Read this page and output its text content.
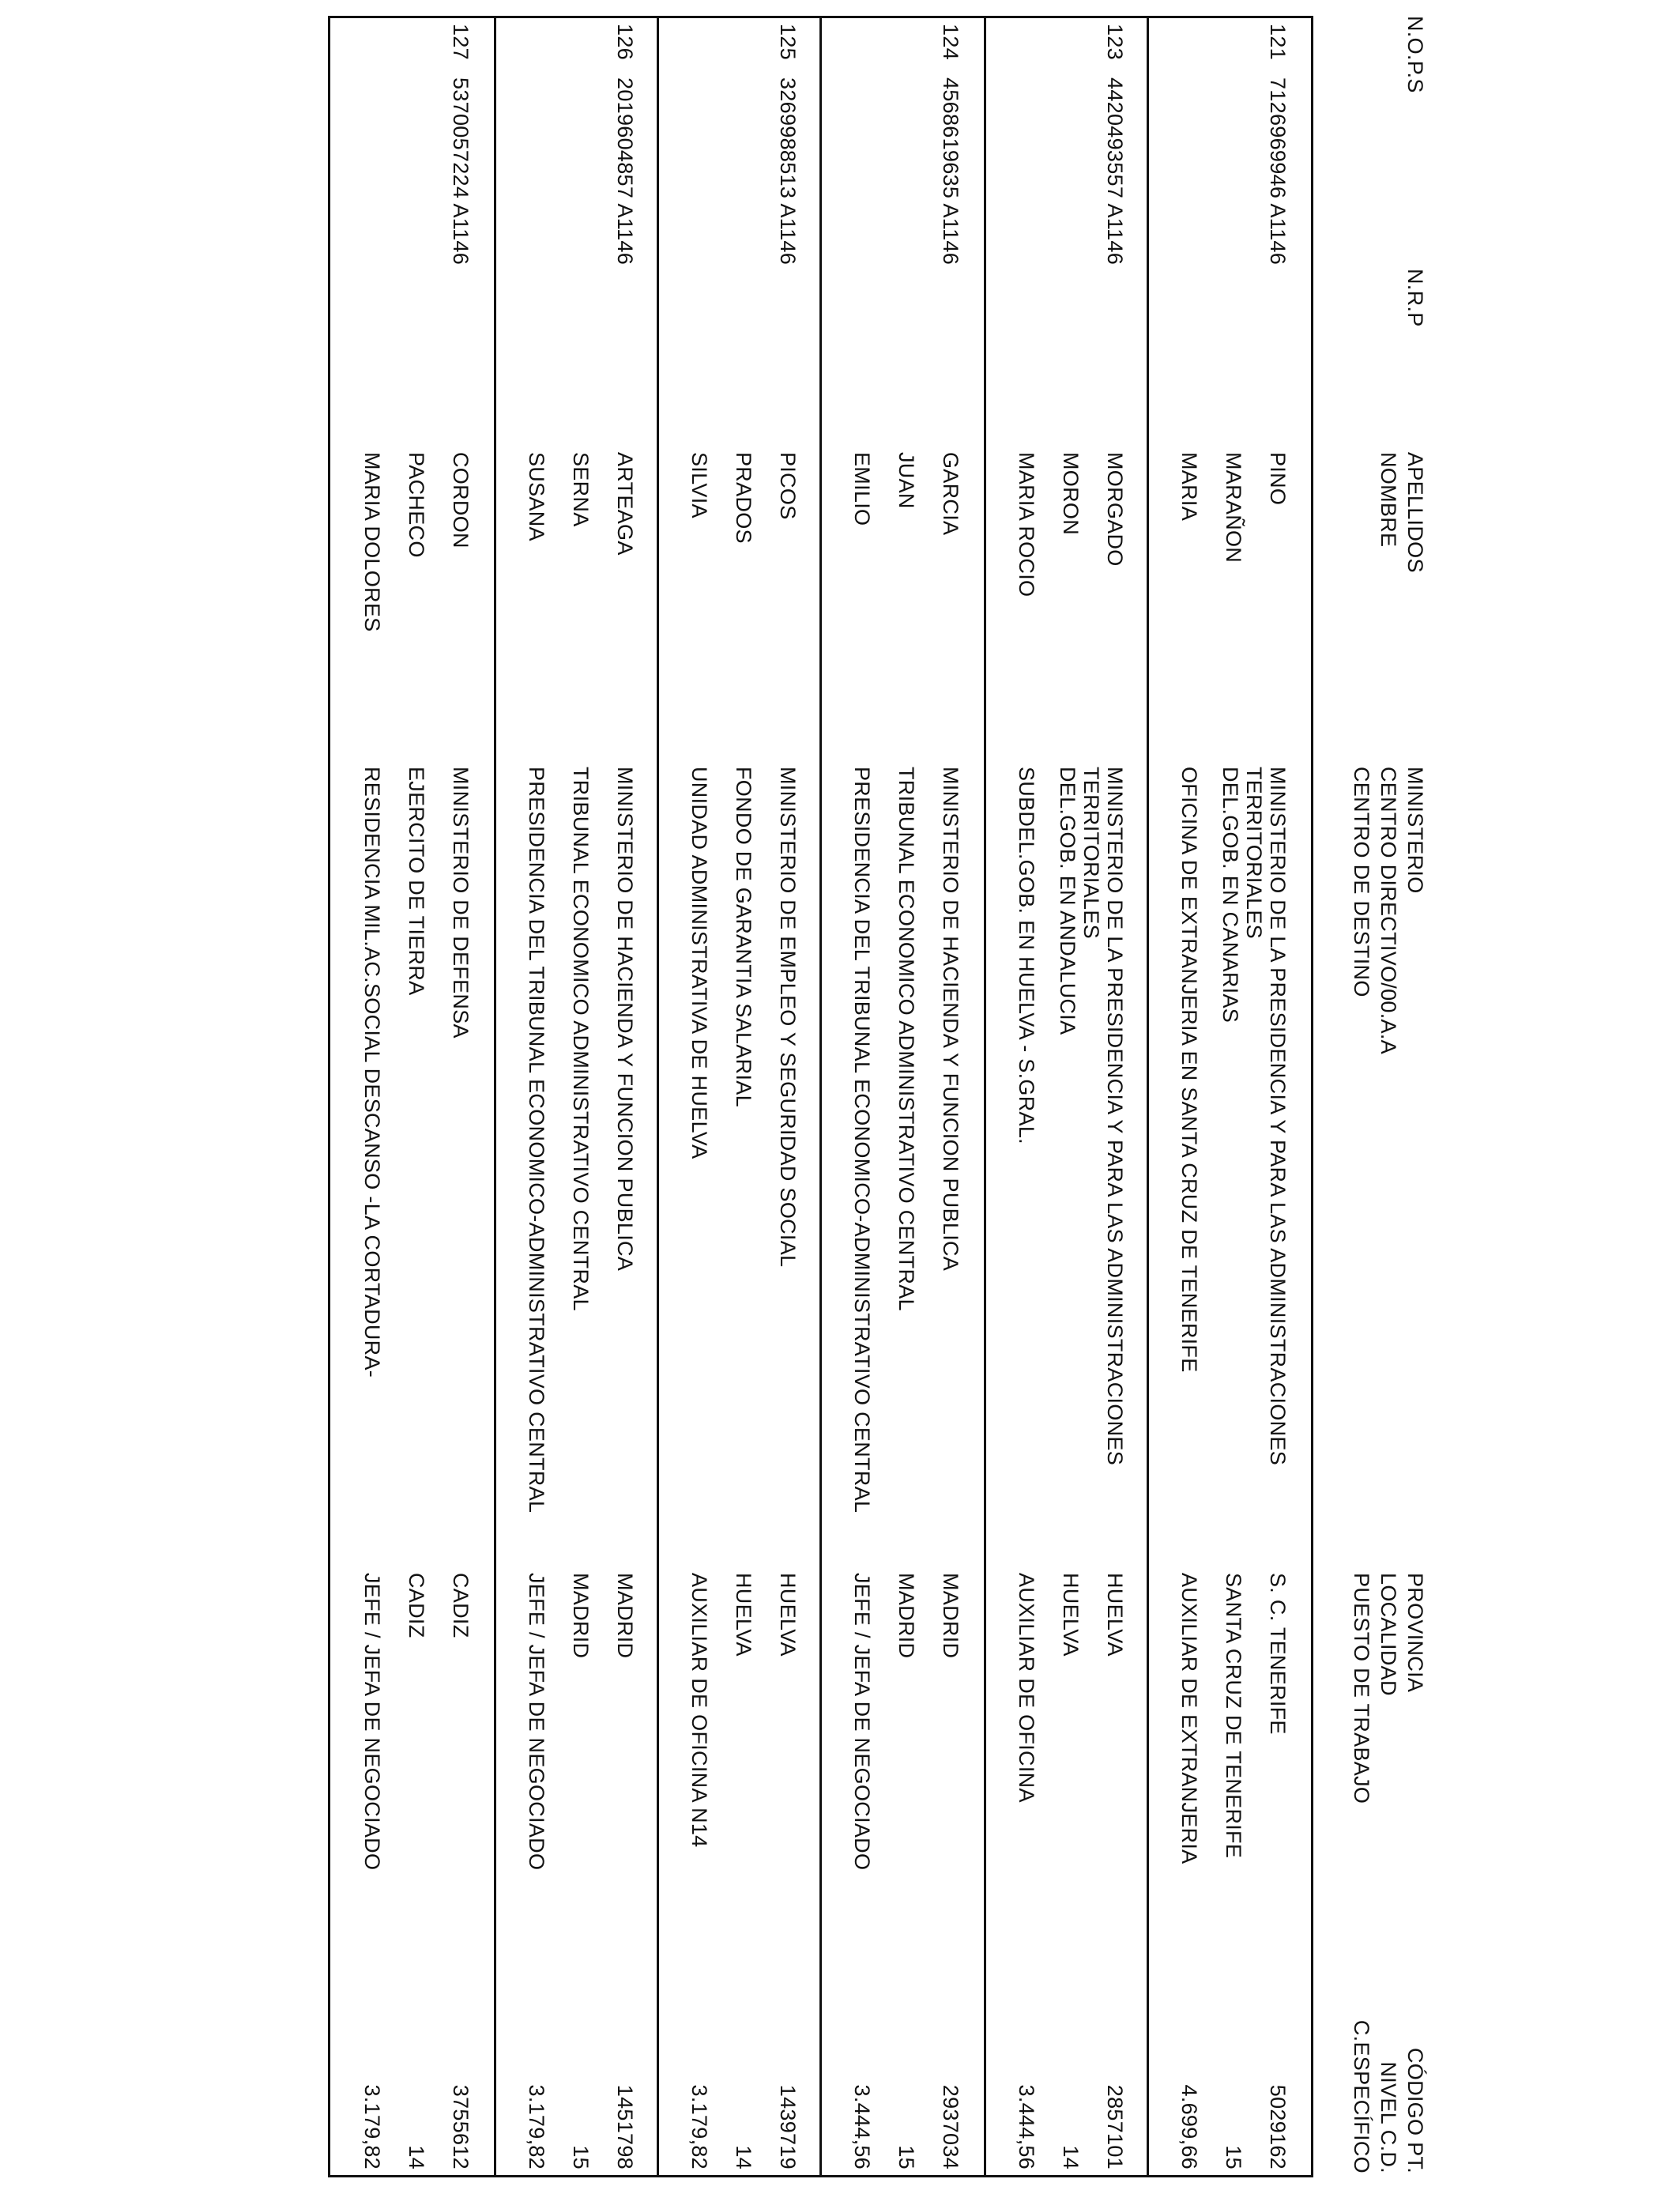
N.O.P.S
N.R.P
APELLIDOS
NOMBRE
MINISTERIO
CENTRO DIRECTIVO/00.A.A
CENTRO DE DESTINO
PROVINCIA
LOCALIDAD
PUESTO DE TRABAJO
CÓDIGO PT.
NIVEL C.D.
C.ESPECÍFICO
121
7126969946 A1146
PINO
MARAÑON
MARIA
MINISTERIO DE LA PRESIDENCIA Y PARA LAS ADMINISTRACIONES
TERRITORIALES
DEL.GOB. EN CANARIAS
OFICINA DE EXTRANJERIA EN SANTA CRUZ DE TENERIFE
S. C. TENERIFE
SANTA CRUZ DE TENERIFE
AUXILIAR DE EXTRANJERIA
5029162
15
4.699,66
123
4420493557 A1146
MORGADO
MORON
MARIA ROCIO
MINISTERIO DE LA PRESIDENCIA Y PARA LAS ADMINISTRACIONES
TERRITORIALES
DEL.GOB. EN ANDALUCIA
SUBDEL.GOB. EN HUELVA - S.GRAL.
HUELVA
HUELVA
AUXILIAR DE OFICINA
2857101
14
3.444,56
124
4568619635 A1146
GARCIA
JUAN
EMILIO
MINISTERIO DE HACIENDA Y FUNCION PUBLICA
TRIBUNAL ECONOMICO ADMINISTRATIVO CENTRAL
PRESIDENCIA DEL TRIBUNAL ECONOMICO-ADMINISTRATIVO CENTRAL
MADRID
MADRID
JEFE / JEFA DE NEGOCIADO
2937034
15
3.444,56
125
3269988513 A1146
PICOS
PRADOS
SILVIA
MINISTERIO DE EMPLEO Y SEGURIDAD SOCIAL
FONDO DE GARANTIA SALARIAL
UNIDAD ADMINISTRATIVA DE HUELVA
HUELVA
HUELVA
AUXILIAR DE OFICINA N14
1439719
14
3.179,82
126
2019604857 A1146
ARTEAGA
SERNA
SUSANA
MINISTERIO DE HACIENDA Y FUNCION PUBLICA
TRIBUNAL ECONOMICO ADMINISTRATIVO CENTRAL
PRESIDENCIA DEL TRIBUNAL ECONOMICO-ADMINISTRATIVO CENTRAL
MADRID
MADRID
JEFE / JEFA DE NEGOCIADO
1451798
15
3.179,82
127
5370057224 A1146
CORDON
PACHECO
MARIA DOLORES
MINISTERIO DE DEFENSA
EJERCITO DE TIERRA
RESIDENCIA MIL.AC.SOCIAL DESCANSO -LA CORTADURA-
CADIZ
CADIZ
JEFE / JEFA DE NEGOCIADO
3755612
14
3.179,82
